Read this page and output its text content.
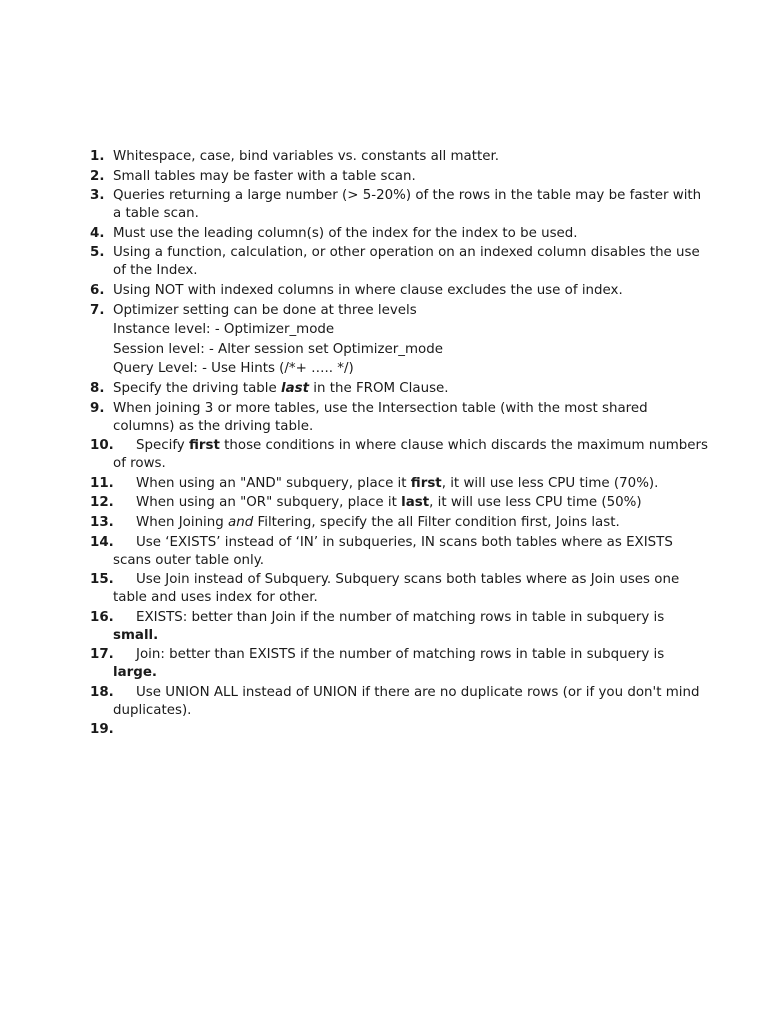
1. Whitespace, case, bind variables vs. constants all matter.
2. Small tables may be faster with a table scan.
3. Queries returning a large number (> 5-20%) of the rows in the table may be faster with a table scan.
4. Must use the leading column(s) of the index for the index to be used.
5. Using a function, calculation, or other operation on an indexed column disables the use of the Index.
6. Using NOT with indexed columns in where clause excludes the use of index.
7. Optimizer setting can be done at three levels
Instance level: - Optimizer_mode
Session level: - Alter session set Optimizer_mode
Query Level: - Use Hints (/*+ ….. */)
8. Specify the driving table last in the FROM Clause.
9. When joining 3 or more tables, use the Intersection table (with the most shared columns) as the driving table.
10. Specify first those conditions in where clause which discards the maximum numbers of rows.
11. When using an "AND" subquery, place it first, it will use less CPU time (70%).
12. When using an "OR" subquery, place it last, it will use less CPU time (50%)
13. When Joining and Filtering, specify the all Filter condition first, Joins last.
14. Use ‘EXISTS’ instead of ‘IN’ in subqueries, IN scans both tables where as EXISTS scans outer table only.
15. Use Join instead of Subquery. Subquery scans both tables where as Join uses one table and uses index for other.
16. EXISTS: better than Join if the number of matching rows in table in subquery is small.
17. Join: better than EXISTS if the number of matching rows in table in subquery is large.
18. Use UNION ALL instead of UNION if there are no duplicate rows (or if you don't mind duplicates).
19.
